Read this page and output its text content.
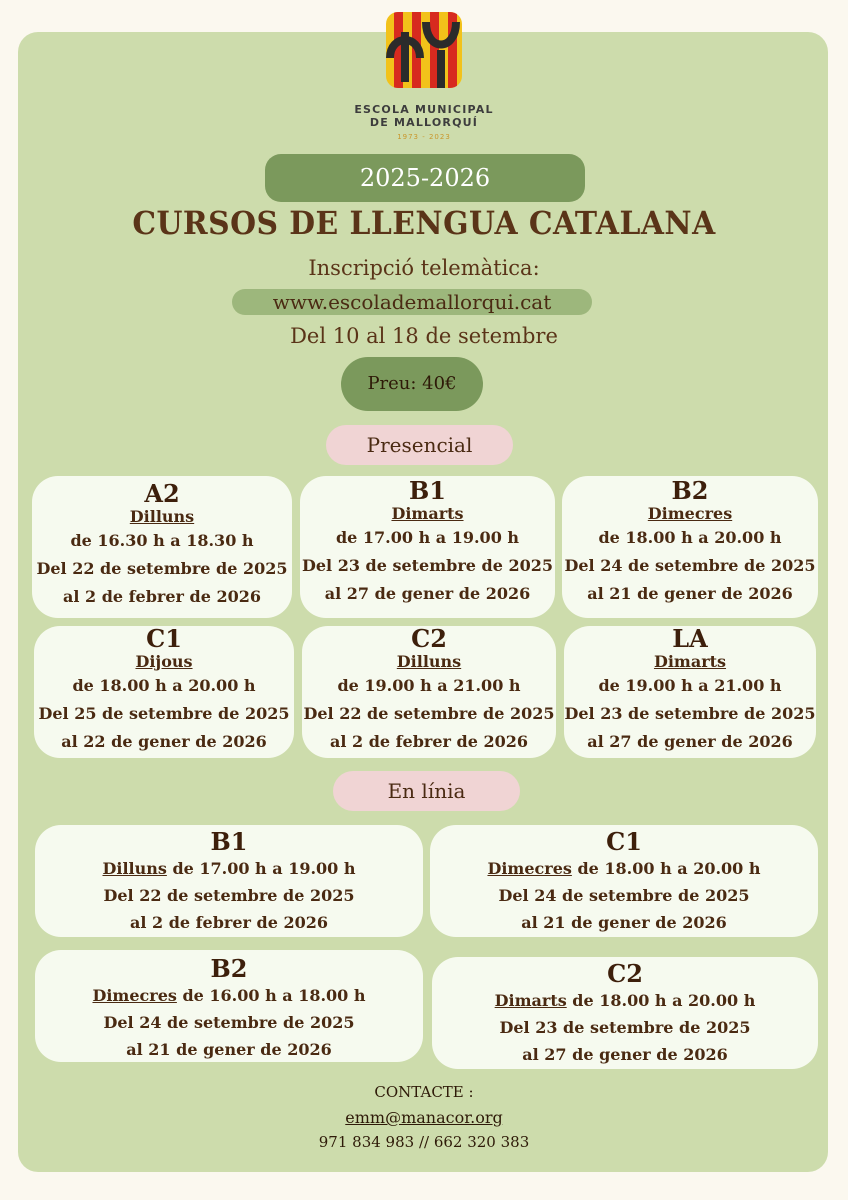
ESCOLA MUNICIPAL
DE MALLORQUÍ
1973 - 2023
2025-2026
CURSOS DE LLENGUA CATALANA
Inscripció telemàtica:
www.escolademallorqui.cat
Del 10 al 18 de setembre
Preu: 40€
Presencial
A2
Dilluns
de 16.30 h a 18.30 h
Del 22 de setembre de 2025
al 2 de febrer de 2026
B1
Dimarts
de 17.00 h a 19.00 h
Del 23 de setembre de 2025
al 27 de gener de 2026
B2
Dimecres
de 18.00 h a 20.00 h
Del 24 de setembre de 2025
al 21 de gener de 2026
C1
Dijous
de 18.00 h a 20.00 h
Del 25 de setembre de 2025
al 22 de gener de 2026
C2
Dilluns
de 19.00 h a 21.00 h
Del 22 de setembre de 2025
al 2 de febrer de 2026
LA
Dimarts
de 19.00 h a 21.00 h
Del 23 de setembre de 2025
al 27 de gener de 2026
En línia
B1
Dilluns de 17.00 h a 19.00 h
Del 22 de setembre de 2025
al 2 de febrer de 2026
C1
Dimecres de 18.00 h a 20.00 h
Del 24 de setembre de 2025
al 21 de gener de 2026
B2
Dimecres de 16.00 h a 18.00 h
Del 24 de setembre de 2025
al 21 de gener de 2026
C2
Dimarts de 18.00 h a 20.00 h
Del 23 de setembre de 2025
al 27 de gener de 2026
CONTACTE :
emm@manacor.org
971 834 983 // 662 320 383
